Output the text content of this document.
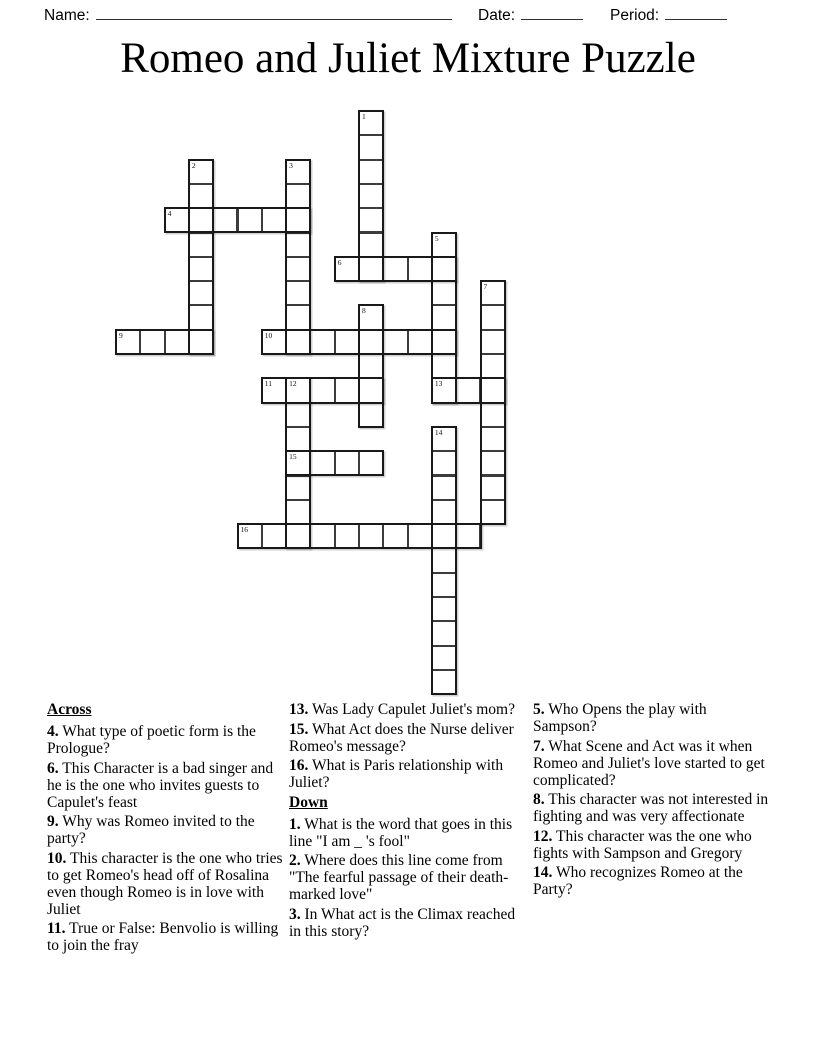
Name:	Date:	Period:
Romeo and Juliet Mixture Puzzle
1
2	3
4
5
13
6
7
8
9	10
11 12
15
14
16
Across
4. What type of poetic form is the Prologue?
6. This Character is a bad singer and he is the one who invites guests to Capulet's feast
9. Why was Romeo invited to the party?
10. This character is the one who tries to get Romeo's head off of Rosalina even though Romeo is in love with Juliet
11. True or False: Benvolio is willing to join the fray
13. Was Lady Capulet Juliet's mom?
15. What Act does the Nurse deliver Romeo's message?
16. What is Paris relationship with Juliet?
Down
1. What is the word that goes in this line "I am _ 's fool"
2. Where does this line come from "The fearful passage of their death-marked love"
3. In What act is the Climax reached in this story?
5. Who Opens the play with Sampson?
7. What Scene and Act was it when Romeo and Juliet's love started to get complicated?
8. This character was not interested in fighting and was very affectionate
12. This character was the one who fights with Sampson and Gregory
14. Who recognizes Romeo at the Party?
